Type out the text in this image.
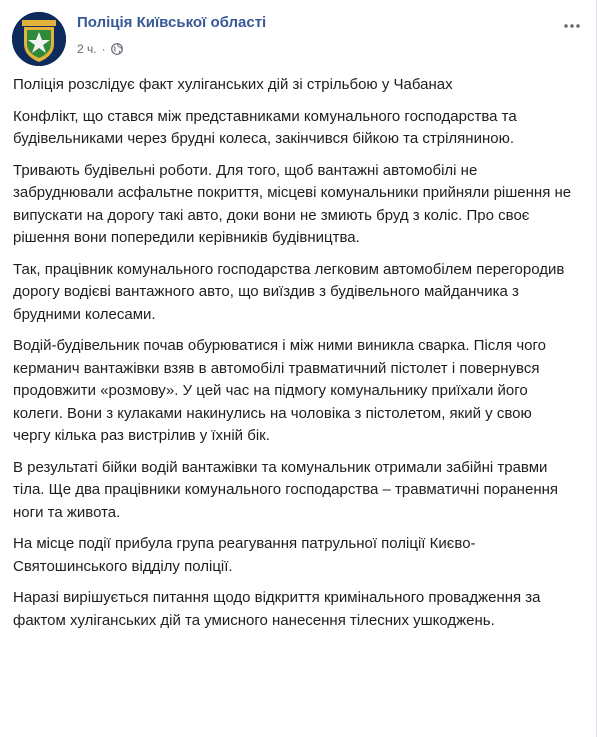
Поліція Київської області
2 ч. ·

Поліція розслідує факт хуліганських дій зі стрільбою у Чабанах

Конфлікт, що стався між представниками комунального господарства та будівельниками через брудні колеса, закінчився бійкою та стріляниною.

Тривають будівельні роботи. Для того, щоб вантажні автомобілі не забруднювали асфальтне покриття, місцеві комунальники прийняли рішення не випускати на дорогу такі авто, доки вони не змиють бруд з коліс. Про своє рішення вони попередили керівників будівництва.

Так, працівник комунального господарства легковим автомобілем перегородив дорогу водієві вантажного авто, що виїздив з будівельного майданчика з брудними колесами.

Водій-будівельник почав обурюватися і між ними виникла сварка. Після чого керманич вантажівки взяв в автомобілі травматичний пістолет і повернувся продовжити «розмову». У цей час на підмогу комунальнику приїхали його колеги. Вони з кулаками накинулись на чоловіка з пістолетом, який у свою чергу кілька раз вистрілив у їхній бік.

В результаті бійки водій вантажівки та комунальник отримали забійні травми тіла. Ще два працівники комунального господарства – травматичні поранення ноги та живота.

На місце події прибула група реагування патрульної поліції Києво-Святошинського відділу поліції.

Наразі вирішується питання щодо відкриття кримінального провадження за фактом хуліганських дій та умисного нанесення тілесних ушкоджень.
